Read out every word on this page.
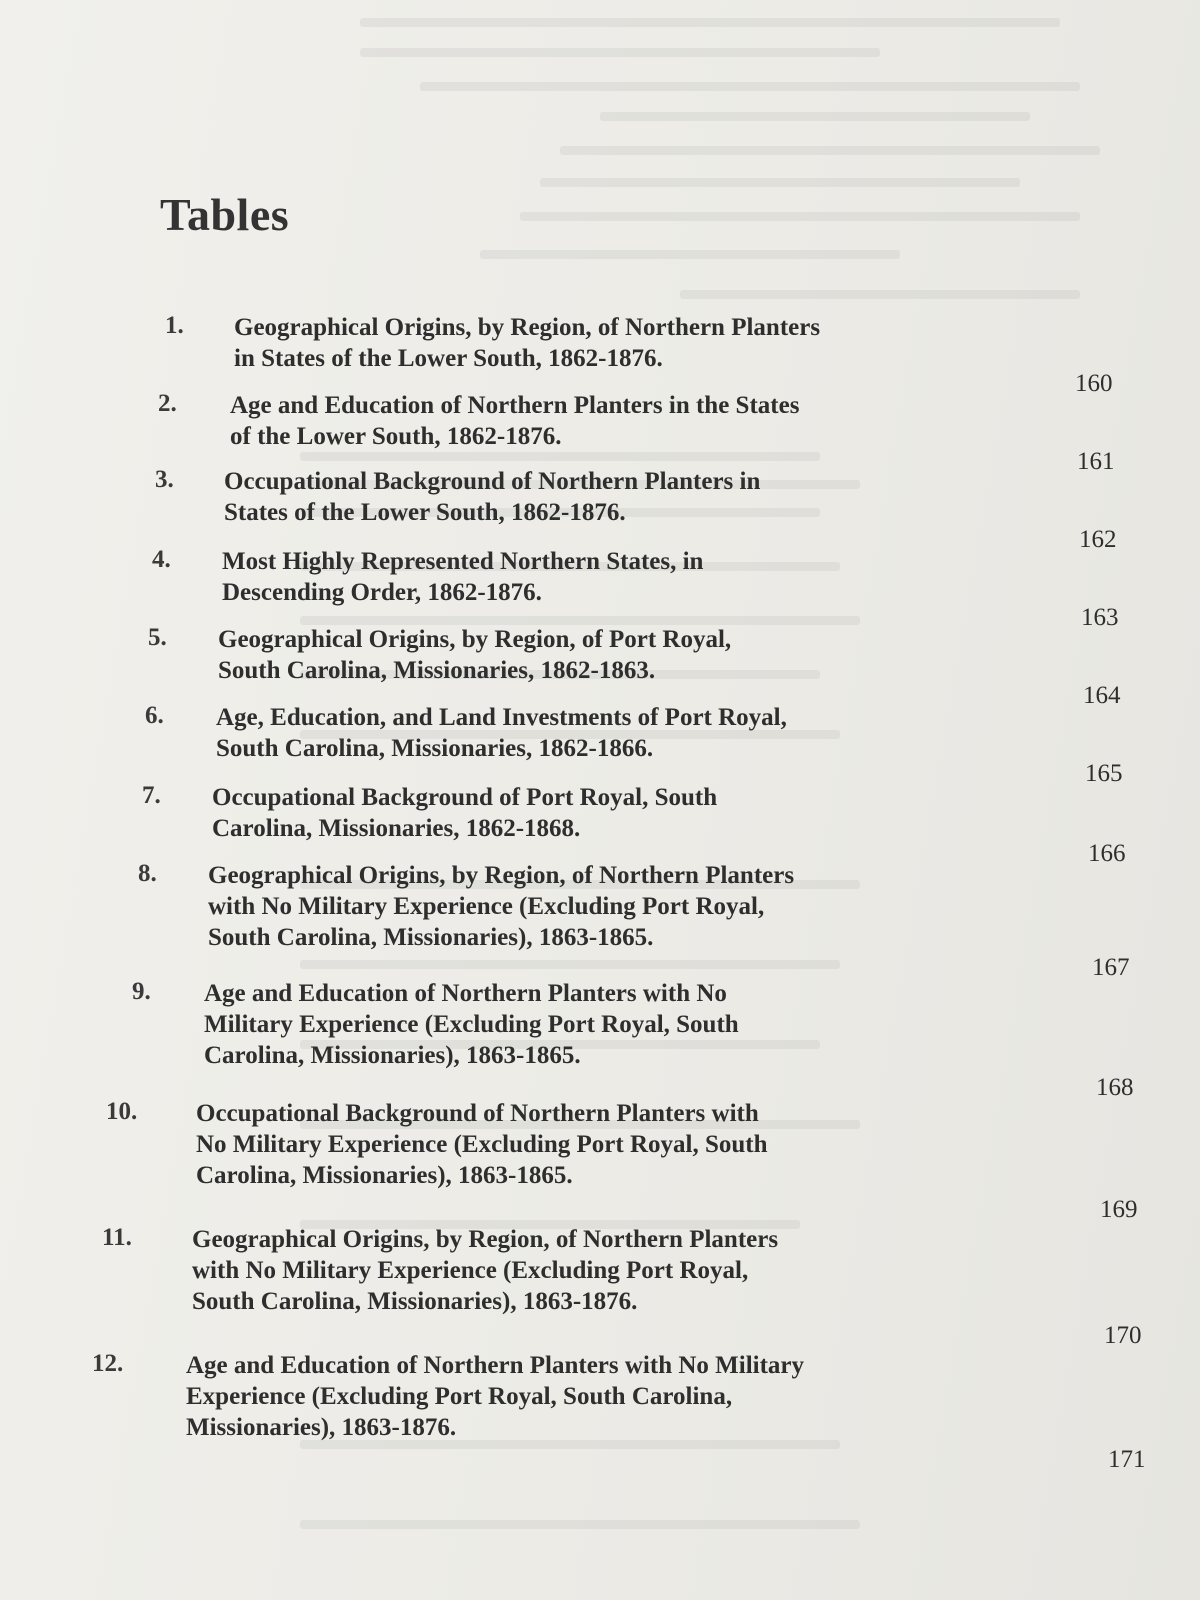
Tables
1. Geographical Origins, by Region, of Northern Planters
in States of the Lower South, 1862-1876.
160
2. Age and Education of Northern Planters in the States
of the Lower South, 1862-1876.
161
3. Occupational Background of Northern Planters in
States of the Lower South, 1862-1876.
162
4. Most Highly Represented Northern States, in
Descending Order, 1862-1876.
163
5. Geographical Origins, by Region, of Port Royal,
South Carolina, Missionaries, 1862-1863.
164
6. Age, Education, and Land Investments of Port Royal,
South Carolina, Missionaries, 1862-1866.
165
7. Occupational Background of Port Royal, South
Carolina, Missionaries, 1862-1868.
166
8. Geographical Origins, by Region, of Northern Planters
with No Military Experience (Excluding Port Royal,
South Carolina, Missionaries), 1863-1865.
167
9. Age and Education of Northern Planters with No
Military Experience (Excluding Port Royal, South
Carolina, Missionaries), 1863-1865.
168
10. Occupational Background of Northern Planters with
No Military Experience (Excluding Port Royal, South
Carolina, Missionaries), 1863-1865.
169
11. Geographical Origins, by Region, of Northern Planters
with No Military Experience (Excluding Port Royal,
South Carolina, Missionaries), 1863-1876.
170
12.	Age and Education of Northern Planters with No Military
Experience (Excluding Port Royal, South Carolina,
Missionaries), 1863-1876.
171
